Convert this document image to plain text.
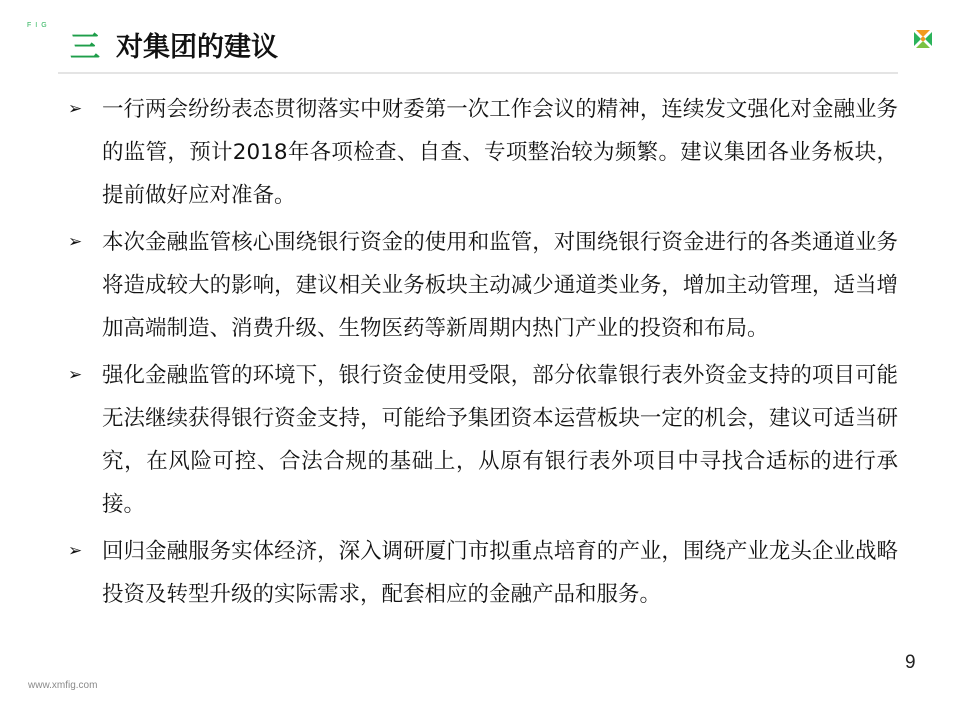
FIG
三 对集团的建议
➢ 一行两会纷纷表态贯彻落实中财委第一次工作会议的精神，连续发文强化对金融业务的监管，预计2018年各项检查、自查、专项整治较为频繁。建议集团各业务板块，提前做好应对准备。
➢ 本次金融监管核心围绕银行资金的使用和监管，对围绕银行资金进行的各类通道业务将造成较大的影响，建议相关业务板块主动减少通道类业务，增加主动管理，适当增加高端制造、消费升级、生物医药等新周期内热门产业的投资和布局。
➢ 强化金融监管的环境下，银行资金使用受限，部分依靠银行表外资金支持的项目可能无法继续获得银行资金支持，可能给予集团资本运营板块一定的机会，建议可适当研究，在风险可控、合法合规的基础上，从原有银行表外项目中寻找合适标的进行承接。
➢ 回归金融服务实体经济，深入调研厦门市拟重点培育的产业，围绕产业龙头企业战略投资及转型升级的实际需求，配套相应的金融产品和服务。
9
www.xmfig.com
